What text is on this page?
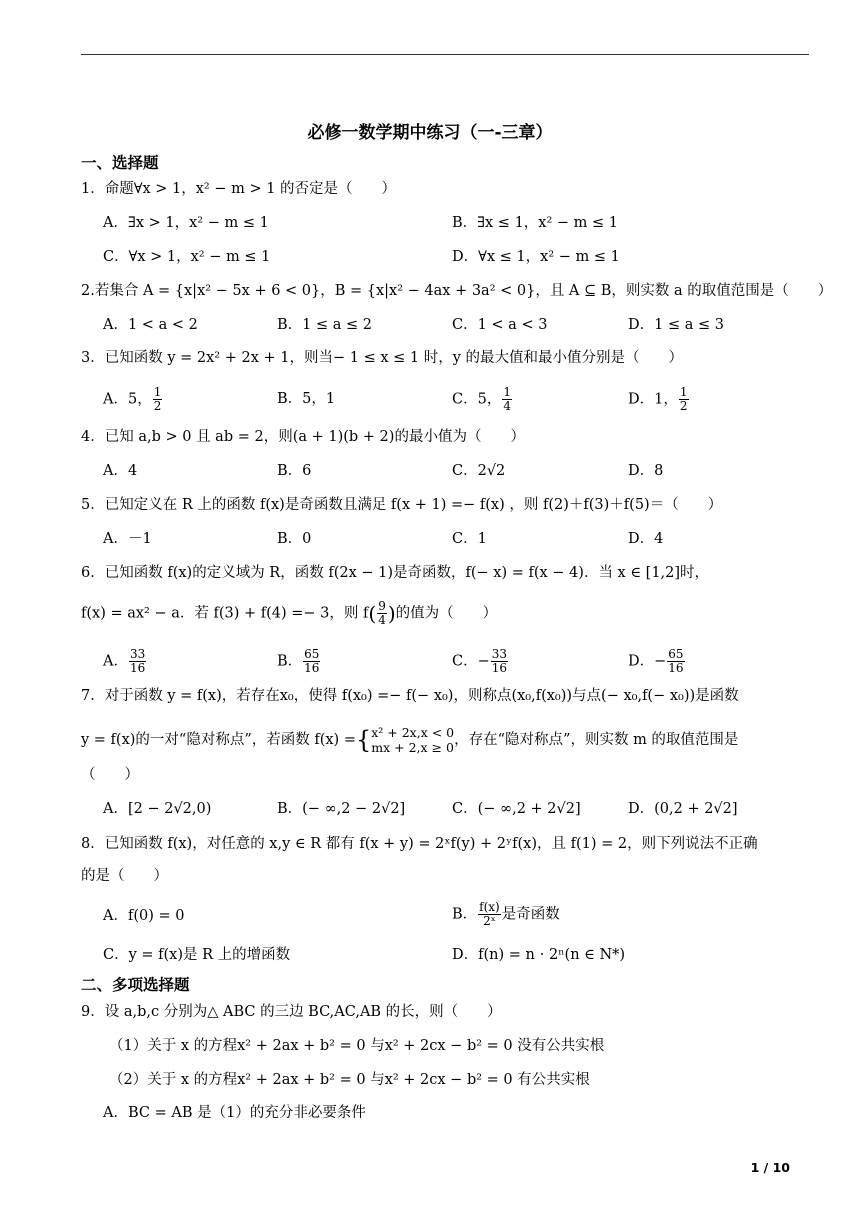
必修一数学期中练习（一-三章）
一、选择题
1．命题∀x > 1，x² − m > 1 的否定是（　　）
A．∃x > 1，x² − m ≤ 1	B．∃x ≤ 1，x² − m ≤ 1
C．∀x > 1，x² − m ≤ 1	D．∀x ≤ 1，x² − m ≤ 1
2.若集合 A = {x|x² − 5x + 6 < 0}，B = {x|x² − 4ax + 3a² < 0}，且 A ⊆ B，则实数 a 的取值范围是（　　）
A．1 < a < 2	B．1 ≤ a ≤ 2	C．1 < a < 3	D．1 ≤ a ≤ 3
3．已知函数 y = 2x² + 2x + 1，则当− 1 ≤ x ≤ 1 时，y 的最大值和最小值分别是（　　）
A．5， $\frac{1}{2}$	B．5，1	C．5， $\frac{1}{4}$	D．1， $\frac{1}{2}$
4．已知 a,b > 0 且 ab = 2，则(a + 1)(b + 2)的最小值为（　　）
A．4	B．6	C．2√2	D．8
5．已知定义在 R 上的函数 f(x)是奇函数且满足 f(x + 1) =− f(x) ，则 f(2)＋f(3)＋f(5)＝（　　）
A．－1	B．0	C．1	D．4
6．已知函数 f(x)的定义域为 R，函数 f(2x − 1)是奇函数，f(− x) = f(x − 4)．当 x ∈ [1,2]时，
f(x) = ax² − a．若 f(3) + f(4) =− 3，则 $f( \frac{9}{4}$ )的值为（　　）
A． $\frac{33}{16}$	B． $\frac{65}{16}$	C．− $\frac{33}{16}$	D．− $\frac{65}{16}$
7．对于函数 y = f(x)，若存在x₀，使得 f(x₀) =− f(− x₀)，则称点(x₀,f(x₀))与点(− x₀,f(− x₀))是函数
y = f(x)的一对“隐对称点”，若函数 f(x) ={ x² + 2x,x < 0
mx + 2,x ≥ 0 ，存在“隐对称点”，则实数 m 的取值范围是
（　　）
A．[2 − 2√2,0)	B．(− ∞,2 − 2√2]	C．(− ∞,2 + 2√2]	D．(0,2 + 2√2]
8．已知函数 f(x)，对任意的 x,y ∈ R 都有 f(x + y) = 2ˣf(y) + 2ʸf(x)，且 f(1) = 2，则下列说法不正确
的是（　　）
A．f(0) = 0	B． $\frac{f(x)}{\text{2ˣ}}$ 是奇函数
C．y = f(x)是 R 上的增函数	D．f(n) = n ⋅ 2ⁿ(n ∈ N*)
二、多项选择题
9．设 a,b,c 分别为△ ABC 的三边 BC,AC,AB 的长，则（　　）
（1）关于 x 的方程x² + 2ax + b² = 0 与x² + 2cx − b² = 0 没有公共实根
（2）关于 x 的方程x² + 2ax + b² = 0 与x² + 2cx − b² = 0 有公共实根
A．BC = AB 是（1）的充分非必要条件
1 / 10
